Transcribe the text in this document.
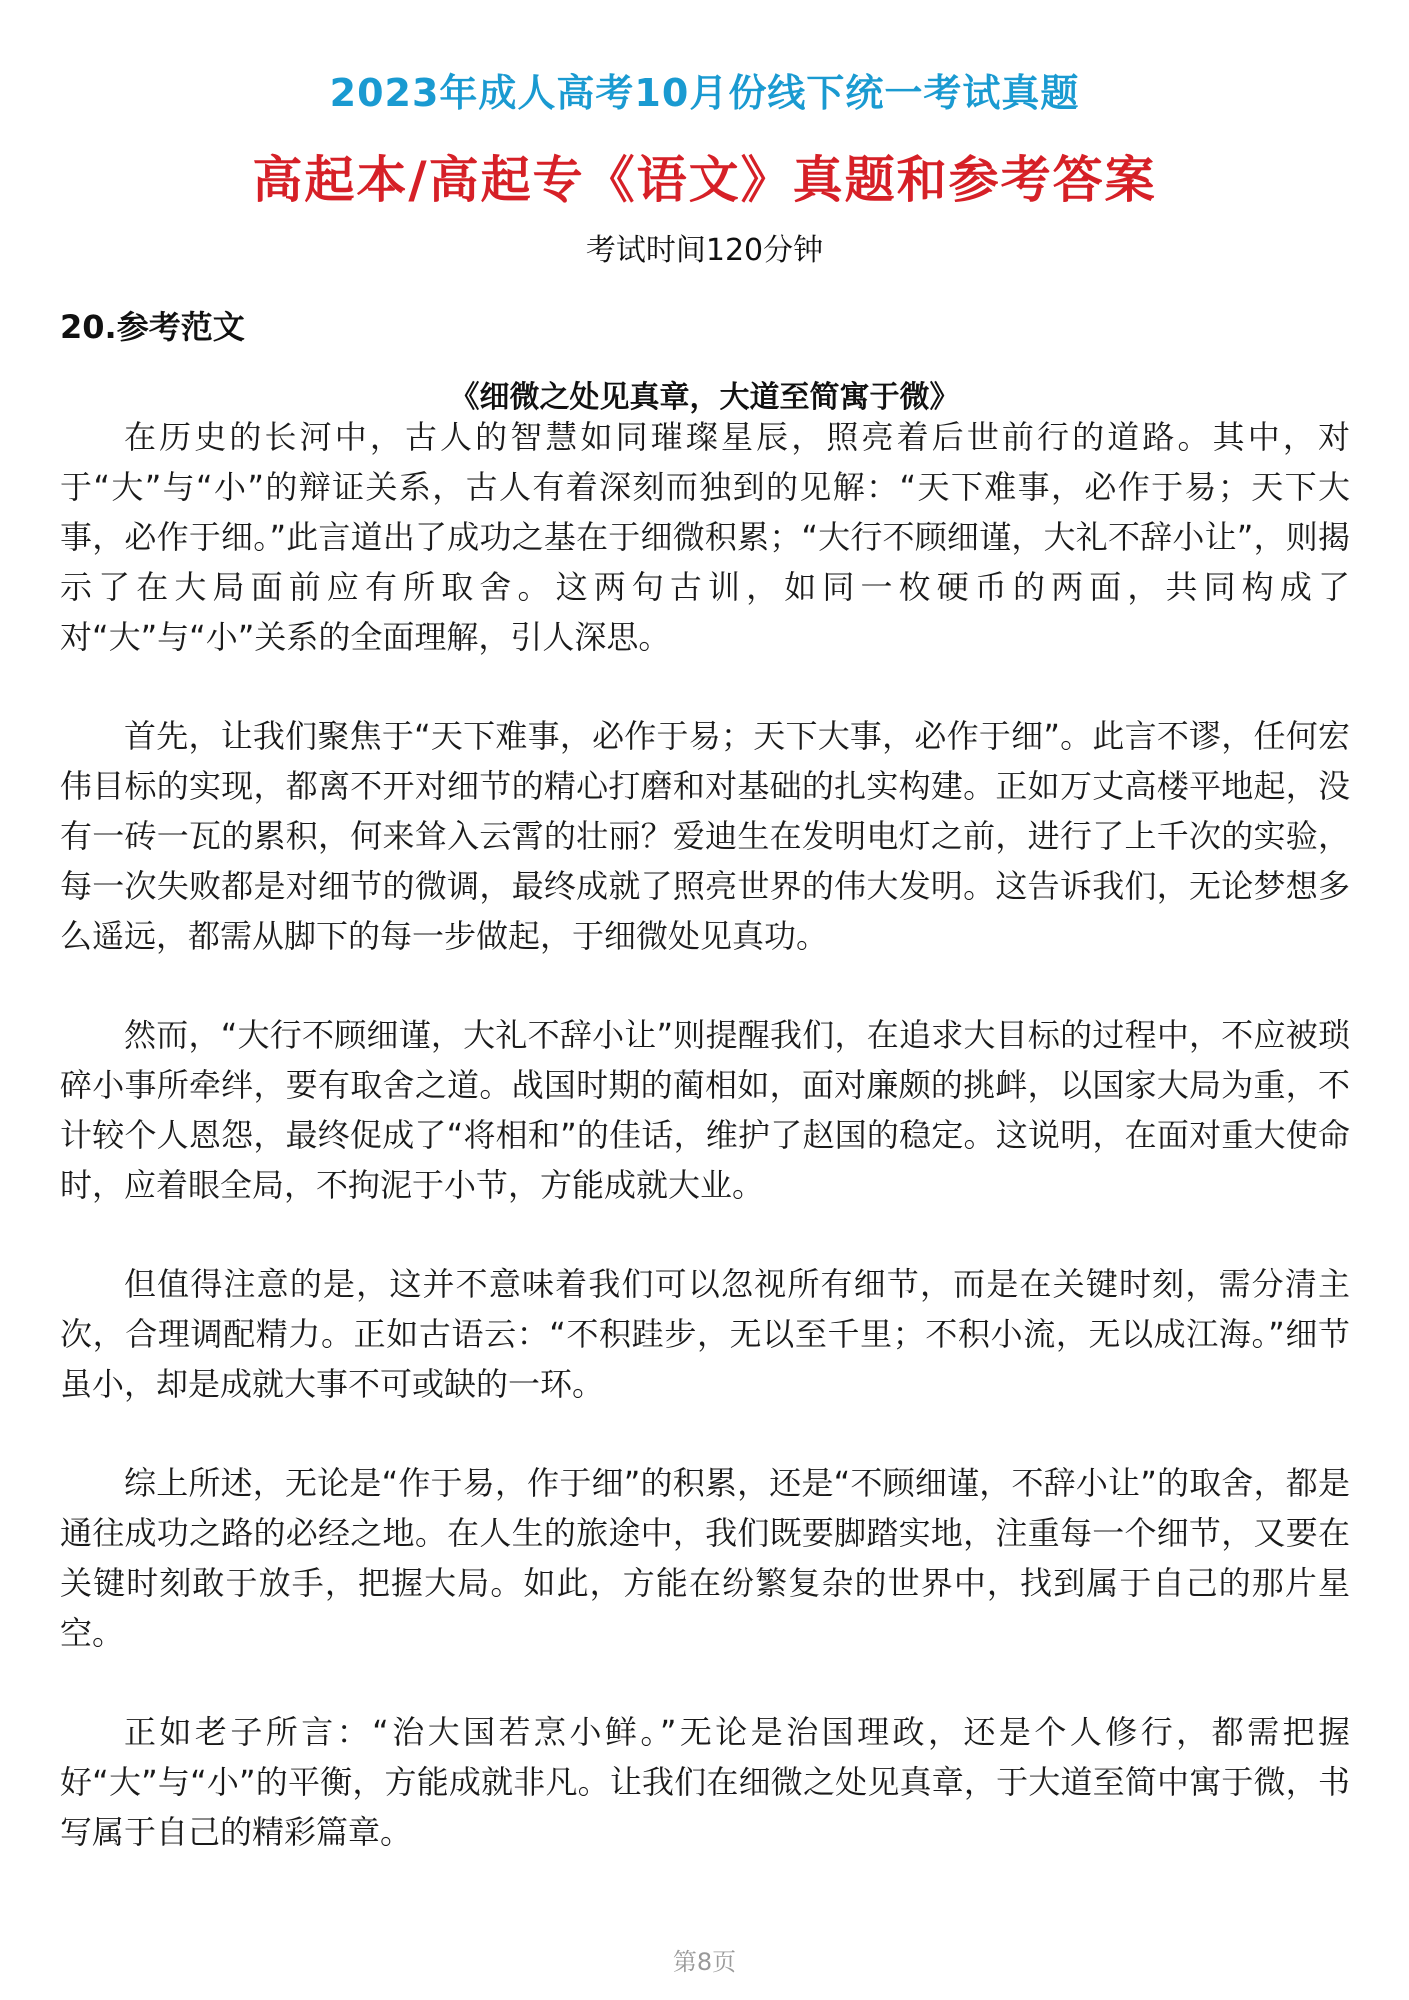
2023年成人高考10月份线下统一考试真题
高起本/高起专《语文》真题和参考答案
考试时间120分钟
20.参考范文
《细微之处见真章，大道至简寓于微》

在历史的长河中，古人的智慧如同璀璨星辰，照亮着后世前行的道路。其中，对于“大”与“小”的辩证关系，古人有着深刻而独到的见解：“天下难事，必作于易；天下大事，必作于细。”此言道出了成功之基在于细微积累；“大行不顾细谨，大礼不辞小让”，则揭示了在大局面前应有所取舍。这两句古训，如同一枚硬币的两面，共同构成了对“大”与“小”关系的全面理解，引人深思。

首先，让我们聚焦于“天下难事，必作于易；天下大事，必作于细”。此言不谬，任何宏伟目标的实现，都离不开对细节的精心打磨和对基础的扎实构建。正如万丈高楼平地起，没有一砖一瓦的累积，何来耸入云霄的壮丽？爱迪生在发明电灯之前，进行了上千次的实验，每一次失败都是对细节的微调，最终成就了照亮世界的伟大发明。这告诉我们，无论梦想多么遥远，都需从脚下的每一步做起，于细微处见真功。

然而，“大行不顾细谨，大礼不辞小让”则提醒我们，在追求大目标的过程中，不应被琐碎小事所牵绊，要有取舍之道。战国时期的蔺相如，面对廉颇的挑衅，以国家大局为重，不计较个人恩怨，最终促成了“将相和”的佳话，维护了赵国的稳定。这说明，在面对重大使命时，应着眼全局，不拘泥于小节，方能成就大业。

但值得注意的是，这并不意味着我们可以忽视所有细节，而是在关键时刻，需分清主次，合理调配精力。正如古语云：“不积跬步，无以至千里；不积小流，无以成江海。”细节虽小，却是成就大事不可或缺的一环。

综上所述，无论是“作于易，作于细”的积累，还是“不顾细谨，不辞小让”的取舍，都是通往成功之路的必经之地。在人生的旅途中，我们既要脚踏实地，注重每一个细节，又要在关键时刻敢于放手，把握大局。如此，方能在纷繁复杂的世界中，找到属于自己的那片星空。

正如老子所言：“治大国若烹小鲜。”无论是治国理政，还是个人修行，都需把握好“大”与“小”的平衡，方能成就非凡。让我们在细微之处见真章，于大道至简中寓于微，书写属于自己的精彩篇章。

第8页
